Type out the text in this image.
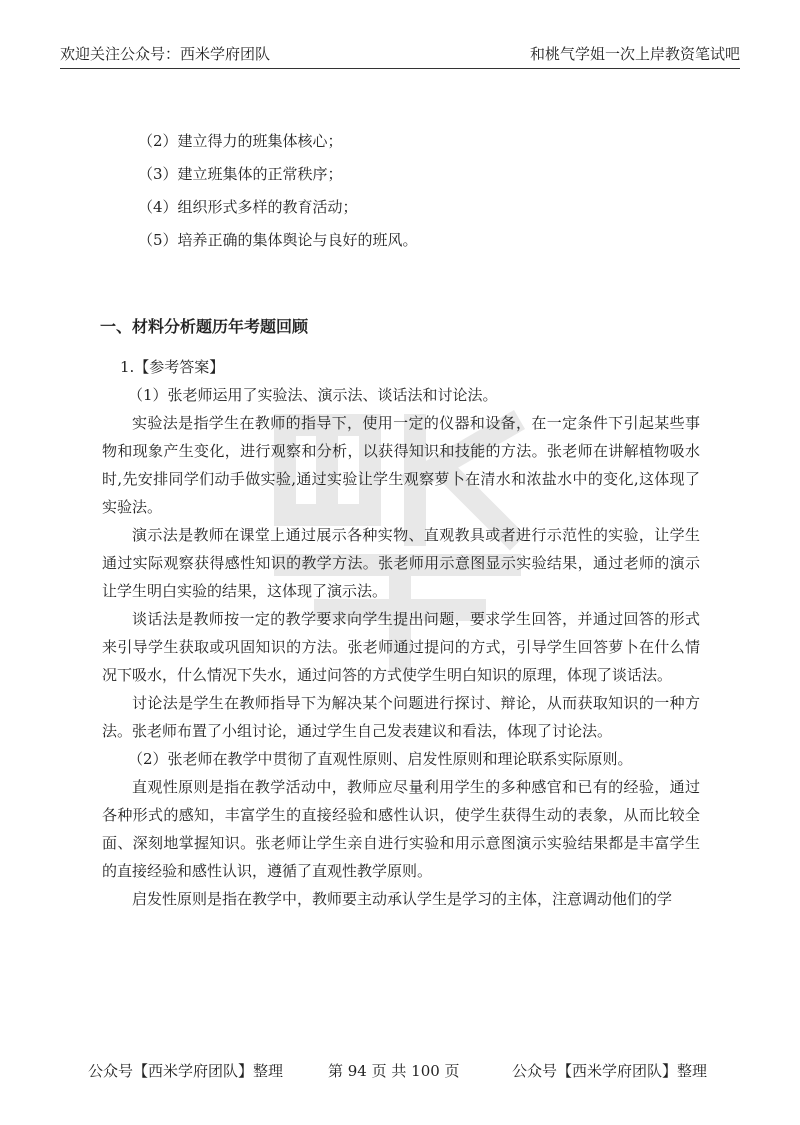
欢迎关注公众号：西米学府团队	和桃气学姐一次上岸教资笔试吧
（2）建立得力的班集体核心；
（3）建立班集体的正常秩序；
（4）组织形式多样的教育活动；
（5）培养正确的集体舆论与良好的班风。
一、材料分析题历年考题回顾
1.【参考答案】
（1）张老师运用了实验法、演示法、谈话法和讨论法。

实验法是指学生在教师的指导下，使用一定的仪器和设备，在一定条件下引起某些事物和现象产生变化，进行观察和分析，以获得知识和技能的方法。张老师在讲解植物吸水时,先安排同学们动手做实验,通过实验让学生观察萝卜在清水和浓盐水中的变化,这体现了实验法。

演示法是教师在课堂上通过展示各种实物、直观教具或者进行示范性的实验，让学生通过实际观察获得感性知识的教学方法。张老师用示意图显示实验结果，通过老师的演示让学生明白实验的结果，这体现了演示法。

谈话法是教师按一定的教学要求向学生提出问题，要求学生回答，并通过回答的形式来引导学生获取或巩固知识的方法。张老师通过提问的方式，引导学生回答萝卜在什么情况下吸水，什么情况下失水，通过问答的方式使学生明白知识的原理，体现了谈话法。

讨论法是学生在教师指导下为解决某个问题进行探讨、辩论，从而获取知识的一种方法。张老师布置了小组讨论，通过学生自己发表建议和看法，体现了讨论法。

（2）张老师在教学中贯彻了直观性原则、启发性原则和理论联系实际原则。

直观性原则是指在教学活动中，教师应尽量利用学生的多种感官和已有的经验，通过各种形式的感知，丰富学生的直接经验和感性认识，使学生获得生动的表象，从而比较全面、深刻地掌握知识。张老师让学生亲自进行实验和用示意图演示实验结果都是丰富学生的直接经验和感性认识，遵循了直观性教学原则。

启发性原则是指在教学中，教师要主动承认学生是学习的主体，注意调动他们的学

公众号【西米学府团队】整理	第 94 页 共 100 页	公众号【西米学府团队】整理
